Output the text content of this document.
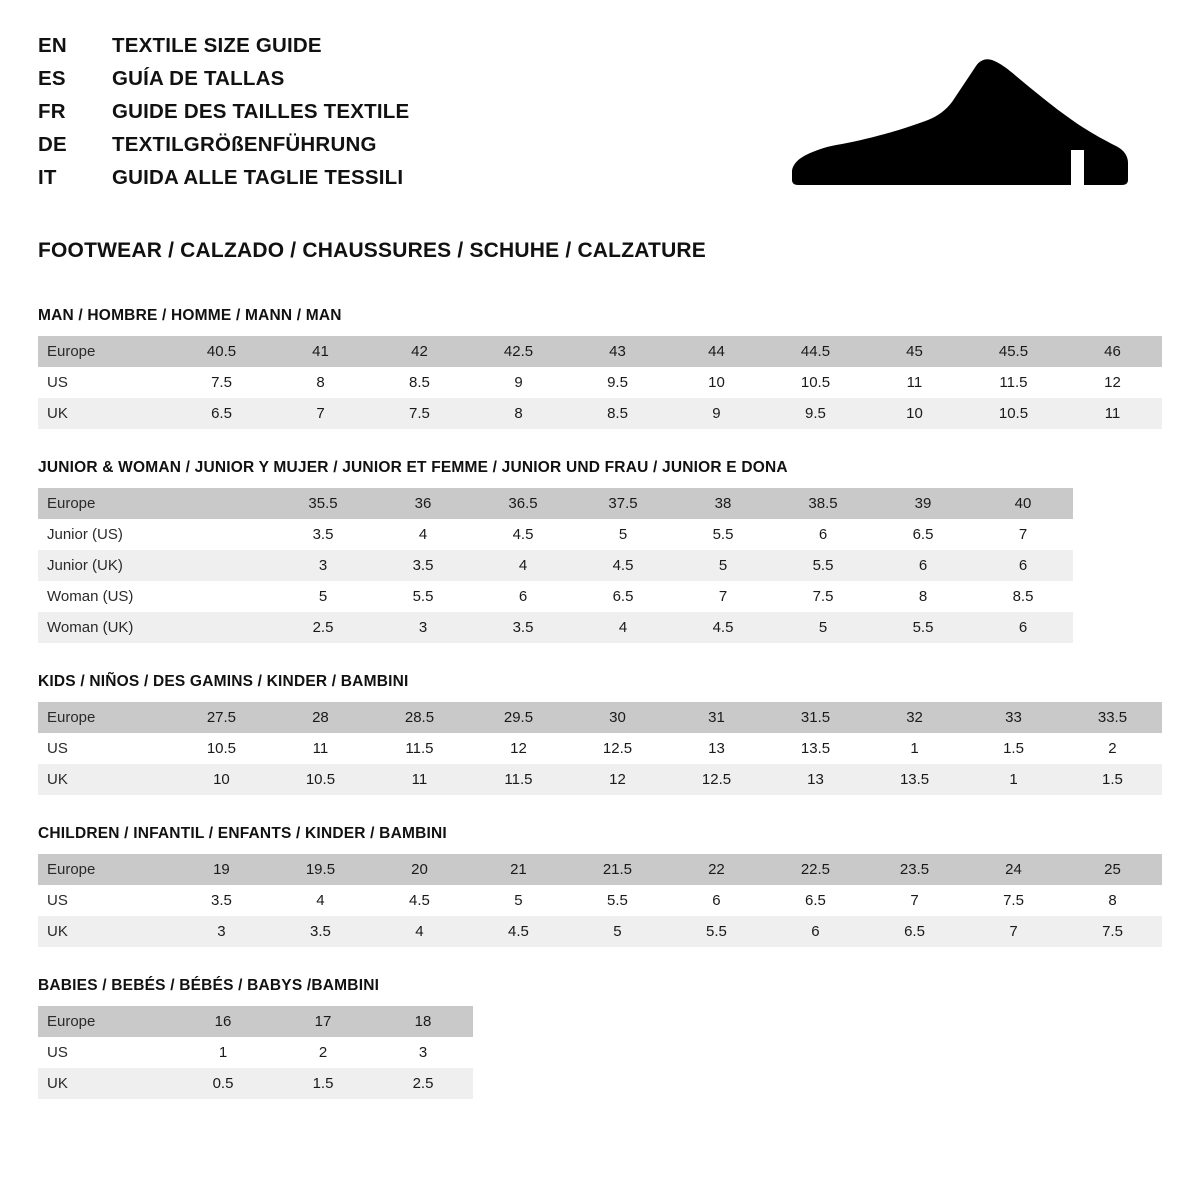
EN	TEXTILE SIZE GUIDE
ES	GUÍA DE TALLAS
FR	GUIDE DES TAILLES TEXTILE
DE	TEXTILGRÖßENFÜHRUNG
IT	GUIDA ALLE TAGLIE TESSILI
FOOTWEAR / CALZADO / CHAUSSURES / SCHUHE / CALZATURE
MAN / HOMBRE / HOMME / MANN / MAN
Europe	40.5	41	42	42.5	43	44	44.5	45	45.5	46
US	7.5	8	8.5	9	9.5	10	10.5	11	11.5	12
UK	6.5	7	7.5	8	8.5	9	9.5	10	10.5	11
JUNIOR & WOMAN / JUNIOR Y MUJER / JUNIOR ET FEMME / JUNIOR UND FRAU / JUNIOR E DONA
Europe		35.5	36	36.5	37.5	38	38.5	39	40
Junior (US)		3.5	4	4.5	5	5.5	6	6.5	7
Junior (UK)		3	3.5	4	4.5	5	5.5	6	6
Woman (US)		5	5.5	6	6.5	7	7.5	8	8.5
Woman (UK)		2.5	3	3.5	4	4.5	5	5.5	6
KIDS / NIÑOS / DES GAMINS / KINDER / BAMBINI
Europe	27.5	28	28.5	29.5	30	31	31.5	32	33	33.5
US	10.5	11	11.5	12	12.5	13	13.5	1	1.5	2
UK	10	10.5	11	11.5	12	12.5	13	13.5	1	1.5
CHILDREN / INFANTIL / ENFANTS / KINDER / BAMBINI
Europe	19	19.5	20	21	21.5	22	22.5	23.5	24	25
US	3.5	4	4.5	5	5.5	6	6.5	7	7.5	8
UK	3	3.5	4	4.5	5	5.5	6	6.5	7	7.5
BABIES / BEBÉS / BÉBÉS / BABYS /BAMBINI
Europe	16	17	18
US	1	2	3
UK	0.5	1.5	2.5
